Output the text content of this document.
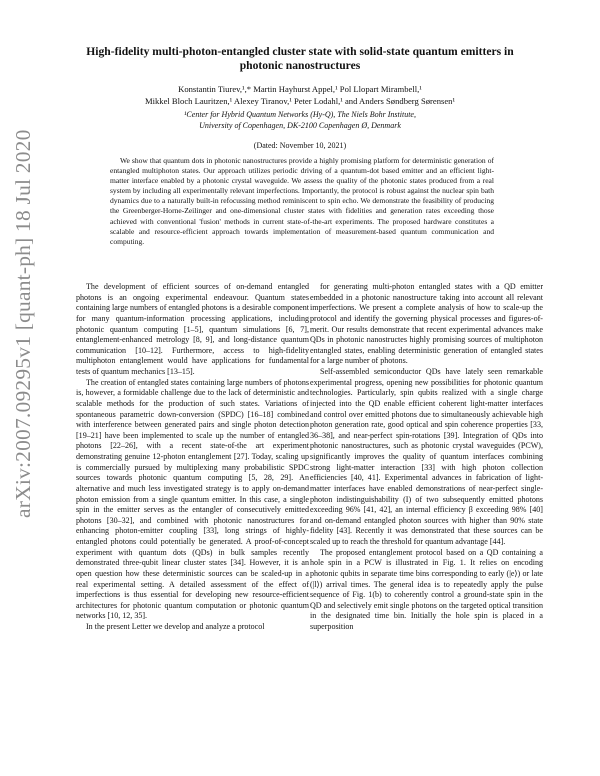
arXiv:2007.09295v1 [quant-ph] 18 Jul 2020
High-fidelity multi-photon-entangled cluster state with solid-state quantum emitters in photonic nanostructures
Konstantin Tiurev,¹,* Martin Hayhurst Appel,¹ Pol Llopart Mirambell,¹
Mikkel Bloch Lauritzen,¹ Alexey Tiranov,¹ Peter Lodahl,¹ and Anders Søndberg Sørensen¹
¹Center for Hybrid Quantum Networks (Hy-Q), The Niels Bohr Institute,
University of Copenhagen, DK-2100 Copenhagen Ø, Denmark
(Dated: November 10, 2021)

We show that quantum dots in photonic nanostructures provide a highly promising platform for deterministic generation of entangled multiphoton states. Our approach utilizes periodic driving of a quantum-dot based emitter and an efficient light-matter interface enabled by a photonic crystal waveguide. We assess the quality of the photonic states produced from a real system by including all experimentally relevant imperfections. Importantly, the protocol is robust against the nuclear spin bath dynamics due to a naturally built-in refocussing method reminiscent to spin echo. We demonstrate the feasibility of producing the Greenberger-Horne-Zeilinger and one-dimensional cluster states with fidelities and generation rates exceeding those achieved with conventional 'fusion' methods in current state-of-the-art experiments. The proposed hardware constitutes a scalable and resource-efficient approach towards implementation of measurement-based quantum communication and computing.

The development of efficient sources of on-demand entangled photons is an ongoing experimental endeavour. Quantum states containing large numbers of entangled photons is a desirable component for many quantum-information processing applications, including photonic quantum computing [1–5], quantum simulations [6, 7], entanglement-enhanced metrology [8, 9], and long-distance quantum communication [10–12]. Furthermore, access to high-fidelity multiphoton entanglement would have applications for fundamental tests of quantum mechanics [13–15].

The creation of entangled states containing large numbers of photons is, however, a formidable challenge due to the lack of deterministic and scalable methods for the production of such states. Variations of spontaneous parametric down-conversion (SPDC) [16–18] combined with interference between generated pairs and single photon detection [19–21] have been implemented to scale up the number of entangled photons [22–26], with a recent state-of-the art experiment demonstrating genuine 12-photon entanglement [27]. Today, scaling up is commercially pursued by multiplexing many probabilistic SPDC sources towards photonic quantum computing [5, 28, 29]. An alternative and much less investigated strategy is to apply on-demand photon emission from a single quantum emitter. In this case, a single spin in the emitter serves as the entangler of consecutively emitted photons [30–32], and combined with photonic nanostructures for enhancing photon-emitter coupling [33], long strings of highly-entangled photons could potentially be generated. A proof-of-concept experiment with quantum dots (QDs) in bulk samples recently demonstrated three-qubit linear cluster states [34]. However, it is an open question how these deterministic sources can be scaled-up in a real experimental setting. A detailed assessment of the effect of imperfections is thus essential for developing new resource-efficient architectures for photonic quantum computation or photonic quantum networks [10, 12, 35].

In the present Letter we develop and analyze a protocol

for generating multi-photon entangled states with a QD emitter embedded in a photonic nanostructure taking into account all relevant imperfections. We present a complete analysis of how to scale-up the protocol and identify the governing physical processes and figures-of-merit. Our results demonstrate that recent experimental advances make QDs in photonic nanostructes highly promising sources of multiphoton entangled states, enabling deterministic generation of entangled states for a large number of photons.

Self-assembled semiconductor QDs have lately seen remarkable experimental progress, opening new possibilities for photonic quantum technologies. Particularly, spin qubits realized with a single charge injected into the QD enable efficient coherent light-matter interfaces and control over emitted photons due to simultaneously achievable high photon generation rate, good optical and spin coherence properties [33, 36–38], and near-perfect spin-rotations [39]. Integration of QDs into photonic nanostructures, such as photonic crystal waveguides (PCW), significantly improves the quality of quantum interfaces combining strong light-matter interaction [33] with high photon collection efficiencies [40, 41]. Experimental advances in fabrication of light-matter interfaces have enabled demonstrations of near-perfect single-photon indistinguishability (I) of two subsequently emitted photons exceeding 96% [41, 42], an internal efficiency β exceeding 98% [40] and on-demand entangled photon sources with higher than 90% state fidelity [43]. Recently it was demonstrated that these sources can be scaled up to reach the threshold for quantum advantage [44].

The proposed entanglement protocol based on a QD containing a hole spin in a PCW is illustrated in Fig. 1. It relies on encoding photonic qubits in separate time bins corresponding to early (|e⟩) or late (|l⟩) arrival times. The general idea is to repeatedly apply the pulse sequence of Fig. 1(b) to coherently control a ground-state spin in the QD and selectively emit single photons on the targeted optical transition in the designated time bin. Initially the hole spin is placed in a superposition
